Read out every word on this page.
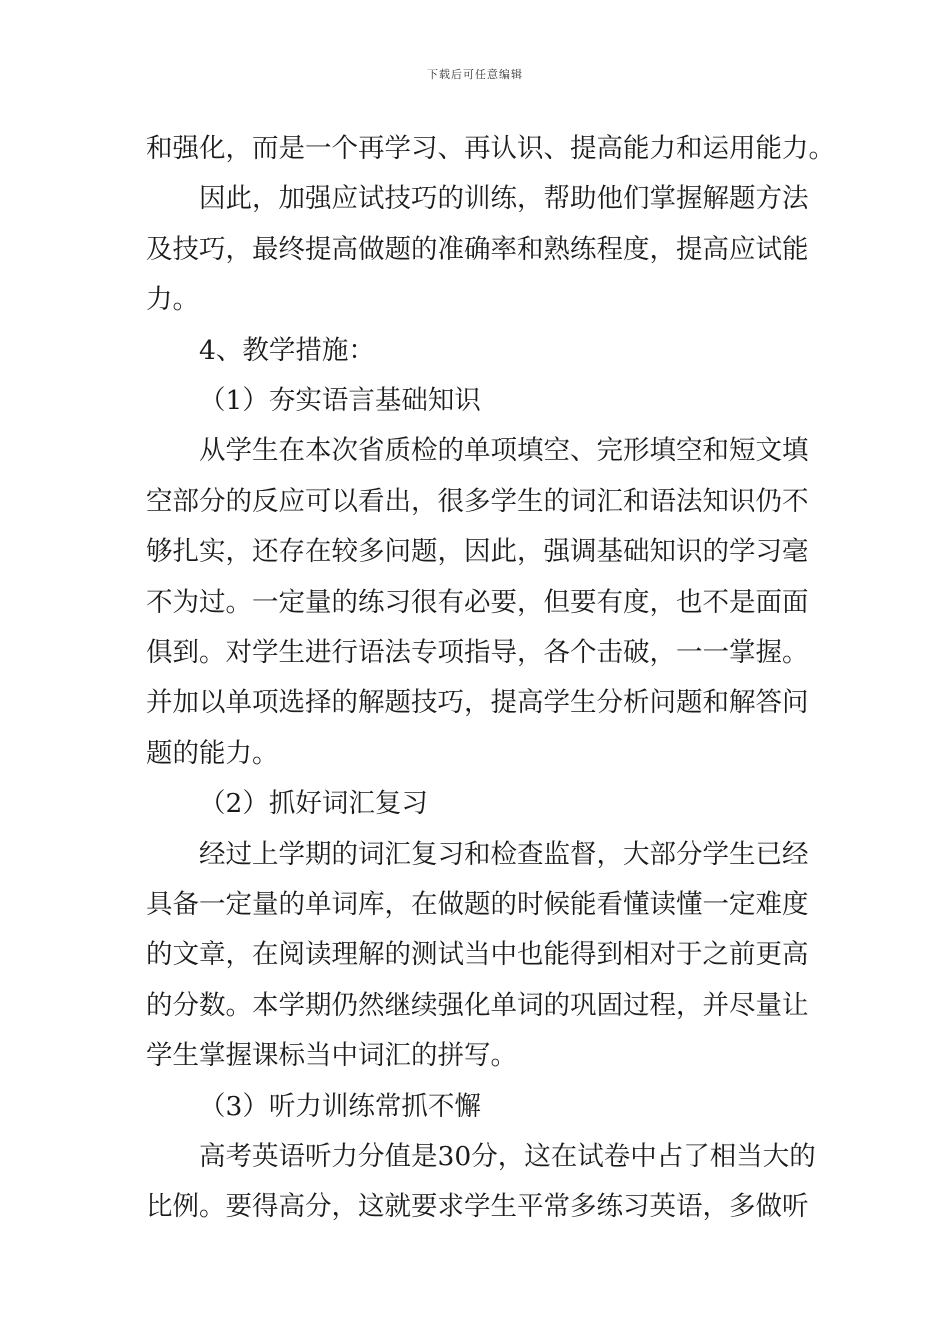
下载后可任意编辑
和强化，而是一个再学习、再认识、提高能力和运用能力。
因此，加强应试技巧的训练，帮助他们掌握解题方法
及技巧，最终提高做题的准确率和熟练程度，提高应试能
力。
4、教学措施：
（1）夯实语言基础知识
从学生在本次省质检的单项填空、完形填空和短文填
空部分的反应可以看出，很多学生的词汇和语法知识仍不
够扎实，还存在较多问题，因此，强调基础知识的学习毫
不为过。一定量的练习很有必要，但要有度，也不是面面
俱到。对学生进行语法专项指导，各个击破，一一掌握。
并加以单项选择的解题技巧，提高学生分析问题和解答问
题的能力。
（2）抓好词汇复习
经过上学期的词汇复习和检查监督，大部分学生已经
具备一定量的单词库，在做题的时候能看懂读懂一定难度
的文章，在阅读理解的测试当中也能得到相对于之前更高
的分数。本学期仍然继续强化单词的巩固过程，并尽量让
学生掌握课标当中词汇的拼写。
（3）听力训练常抓不懈
高考英语听力分值是30分，这在试卷中占了相当大的
比例。要得高分，这就要求学生平常多练习英语，多做听
